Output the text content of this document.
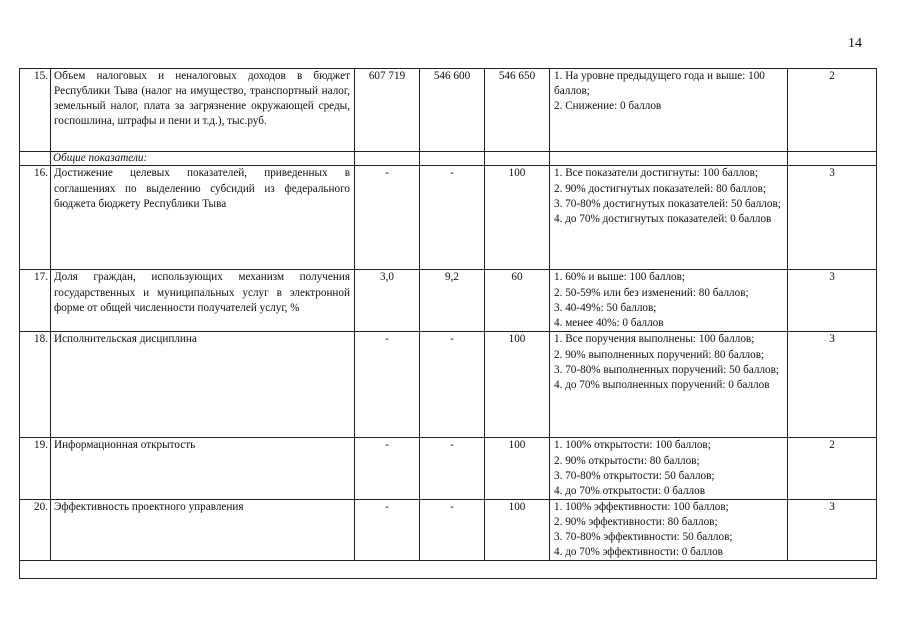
14
15.	Объем налоговых и неналоговых доходов в бюджет Республики Тыва (налог на имущество, транспортный налог, земельный налог, плата за загрязнение окружающей среды, госпошлина, штрафы и пени и т.д.), тыс.руб.	607 719	546 600	546 650	1. На уровне предыдущего года и выше: 100 баллов;
2. Снижение: 0 баллов	2
	Общие показатели:					
16.	Достижение целевых показателей, приведенных в соглашениях по выделению субсидий из федерального бюджета бюджету Республики Тыва	-	-	100	1. Все показатели достигнуты: 100 баллов;
2. 90% достигнутых показателей: 80 баллов;
3. 70-80% достигнутых показателей: 50 баллов;
4. до 70% достигнутых показателей: 0 баллов	3
17.	Доля граждан, использующих механизм получения государственных и муниципальных услуг в электронной форме от общей численности получателей услуг, %	3,0	9,2	60	1. 60% и выше: 100 баллов;
2. 50-59% или без изменений: 80 баллов;
3. 40-49%: 50 баллов;
4. менее 40%: 0 баллов	3
18.	Исполнительская дисциплина	-	-	100	1. Все поручения выполнены: 100 баллов;
2. 90% выполненных поручений: 80 баллов;
3. 70-80% выполненных поручений: 50 баллов;
4. до 70% выполненных поручений: 0 баллов	3
19.	Информационная открытость	-	-	100	1. 100% открытости: 100 баллов;
2. 90% открытости: 80 баллов;
3. 70-80% открытости: 50 баллов;
4. до 70% открытости: 0 баллов	2
20.	Эффективность проектного управления	-	-	100	1. 100% эффективности: 100 баллов;
2. 90% эффективности: 80 баллов;
3. 70-80% эффективности: 50 баллов;
4. до 70% эффективности: 0 баллов	3
